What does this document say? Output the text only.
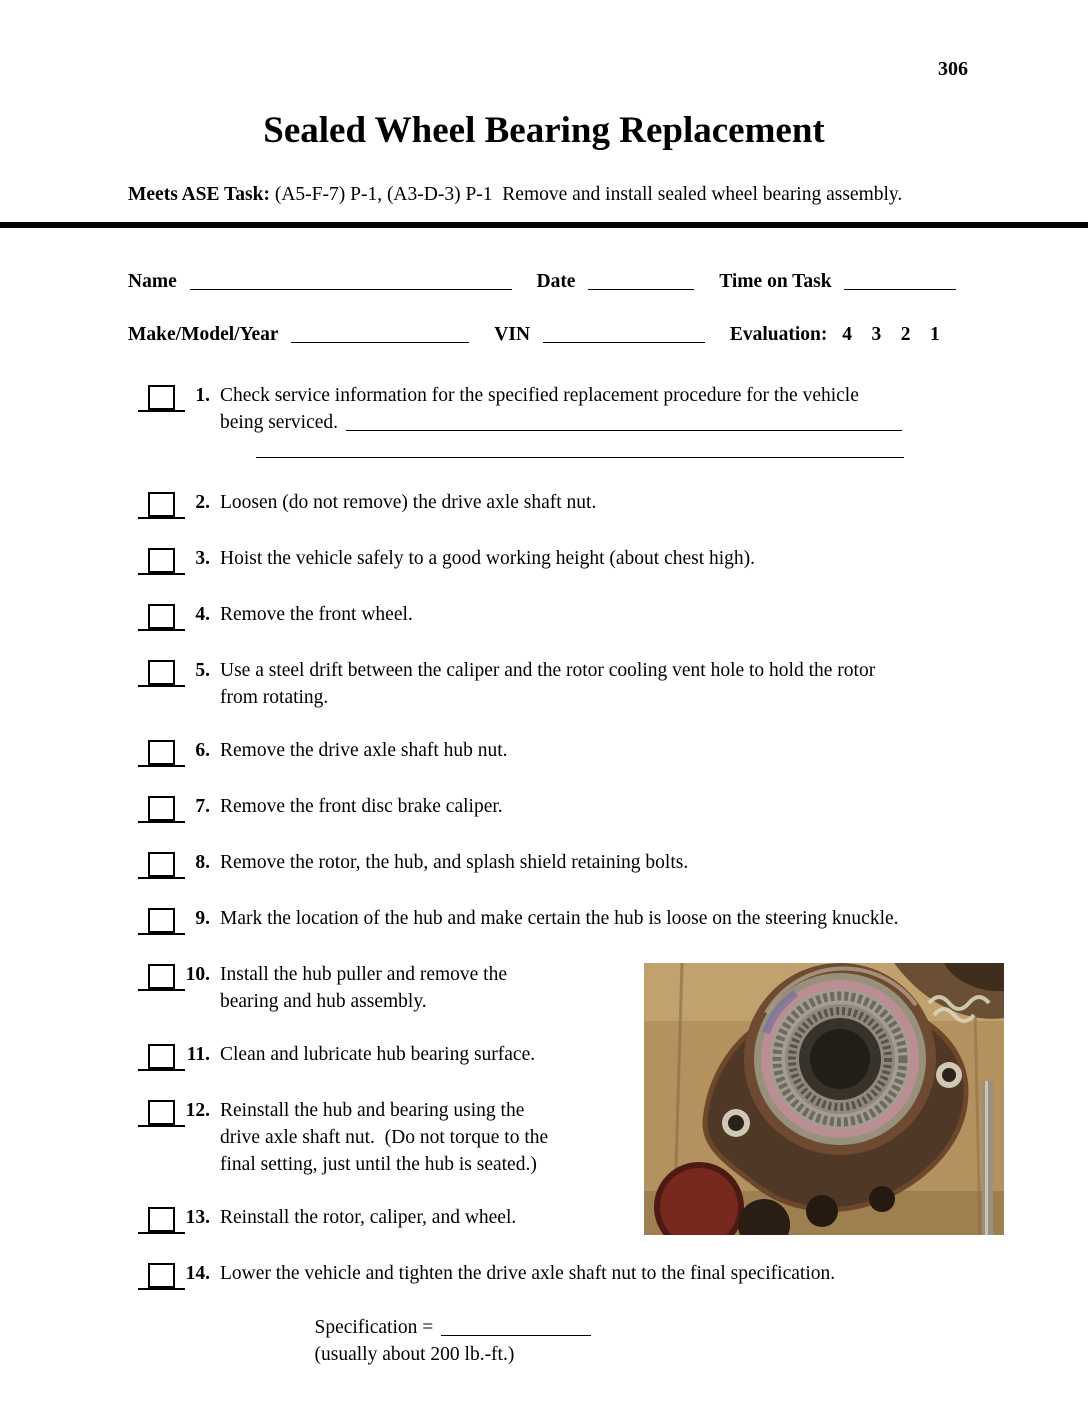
306
Sealed Wheel Bearing Replacement
Meets ASE Task: (A5-F-7) P-1, (A3-D-3) P-1  Remove and install sealed wheel bearing assembly.
Name	Date	Time on Task
Make/Model/Year	VIN	Evaluation: 4    3    2    1
1. Check service information for the specified replacement procedure for the vehicle
being serviced.
2. Loosen (do not remove) the drive axle shaft nut.
3. Hoist the vehicle safely to a good working height (about chest high).
4. Remove the front wheel.
5. Use a steel drift between the caliper and the rotor cooling vent hole to hold the rotor
from rotating.
6. Remove the drive axle shaft hub nut.
7. Remove the front disc brake caliper.
8. Remove the rotor, the hub, and splash shield retaining bolts.
9. Mark the location of the hub and make certain the hub is loose on the steering knuckle.
10. Install the hub puller and remove the
bearing and hub assembly.
11. Clean and lubricate hub bearing surface.
12. Reinstall the hub and bearing using the
drive axle shaft nut.  (Do not torque to the
final setting, just until the hub is seated.)
13. Reinstall the rotor, caliper, and wheel.
14. Lower the vehicle and tighten the drive axle shaft nut to the final specification.

Specification =
(usually about 200 lb.-ft.)
